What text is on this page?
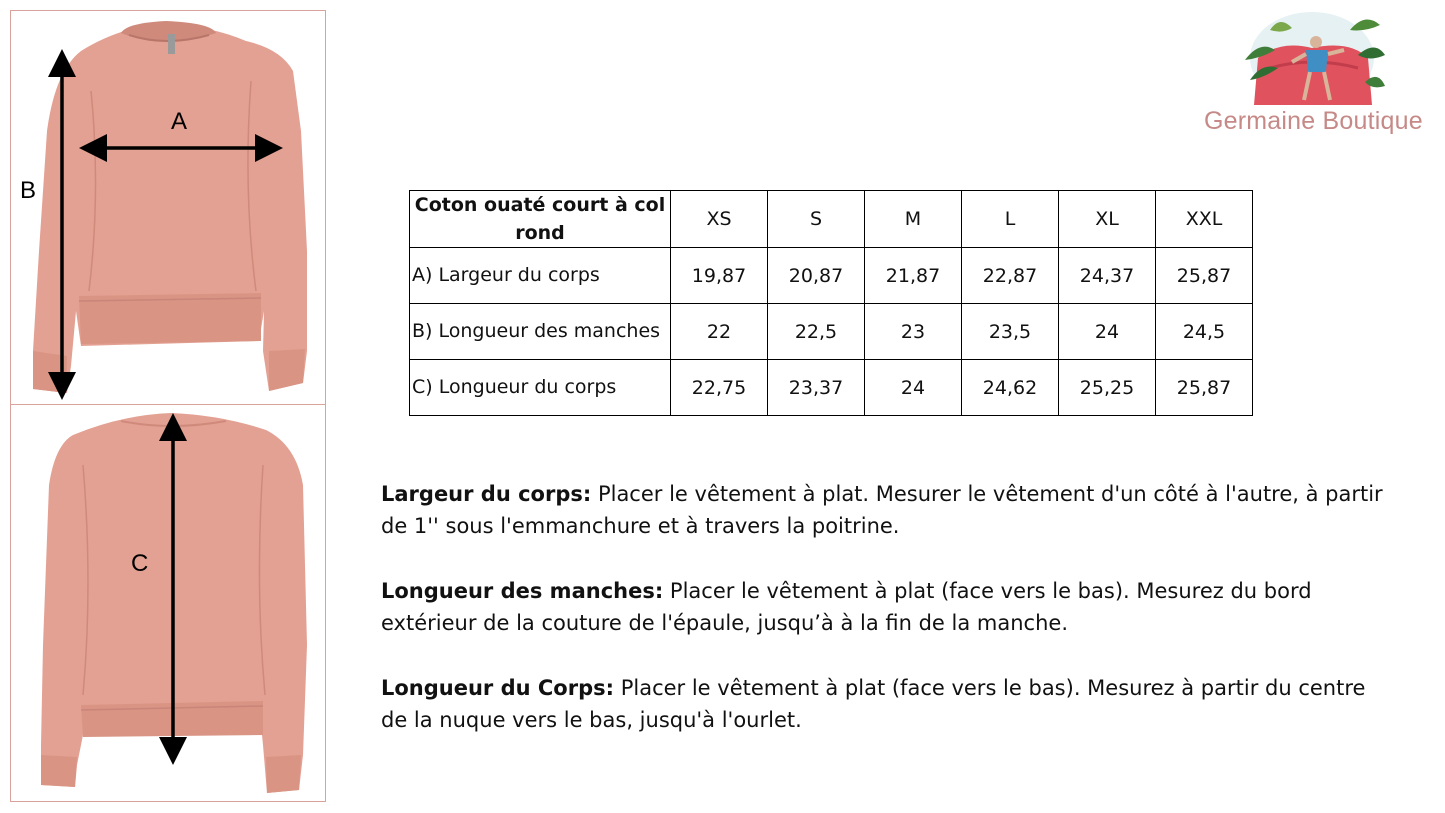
A
B
C
Germaine Boutique
Coton ouaté court à col rond	XS	S	M	L	XL	XXL
A) Largeur du corps	19,87	20,87	21,87	22,87	24,37	25,87
B) Longueur des manches	22	22,5	23	23,5	24	24,5
C) Longueur du corps	22,75	23,37	24	24,62	25,25	25,87

Largeur du corps: Placer le vêtement à plat. Mesurer le vêtement d'un côté à l'autre, à partir de 1'' sous l'emmanchure et à travers la poitrine.

Longueur des manches: Placer le vêtement à plat (face vers le bas). Mesurez du bord extérieur de la couture de l'épaule, jusqu’à à la fin de la manche.

Longueur du Corps: Placer le vêtement à plat (face vers le bas). Mesurez à partir du centre de la nuque vers le bas, jusqu'à l'ourlet.
